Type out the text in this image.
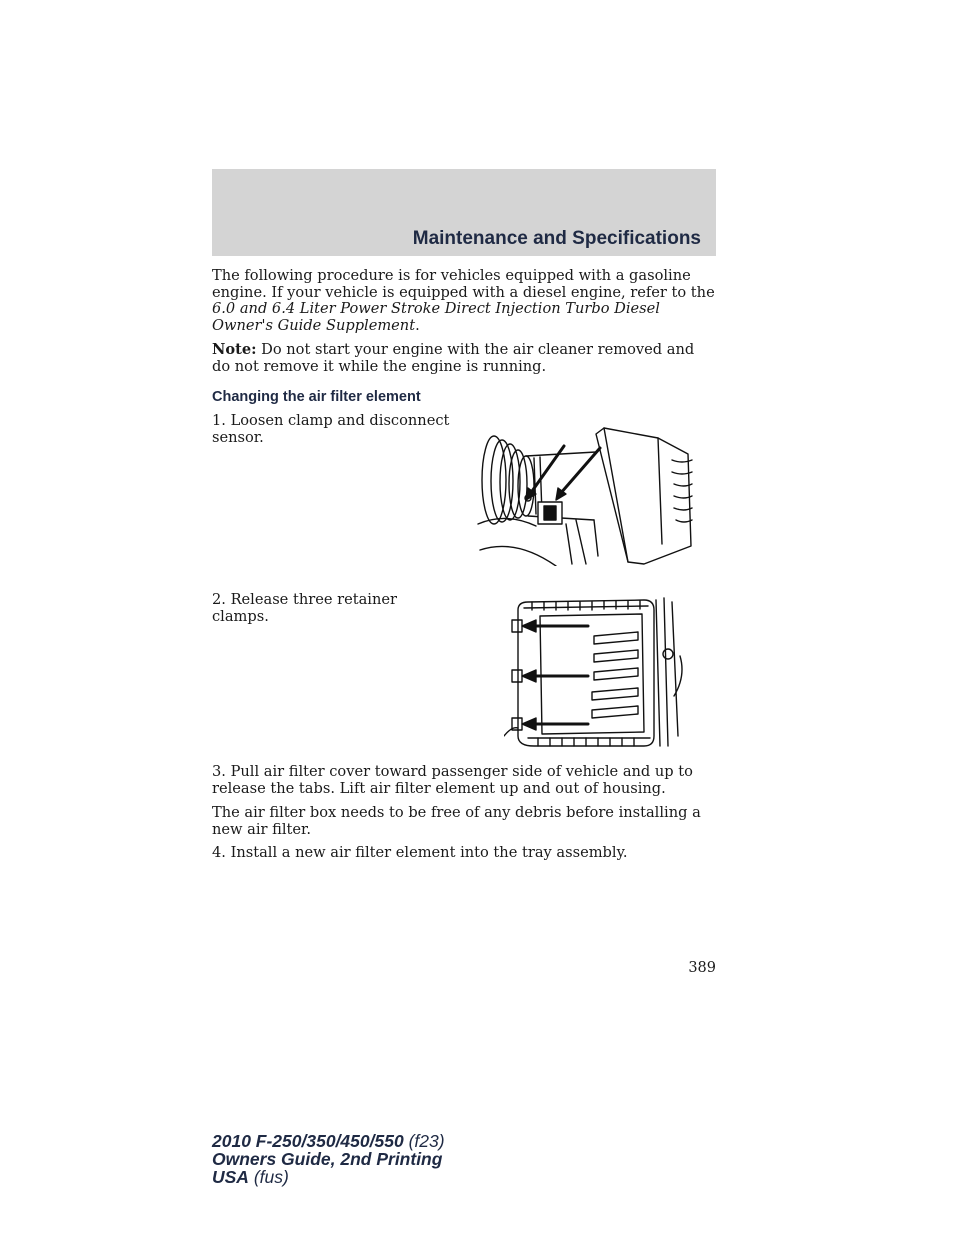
Maintenance and Specifications

The following procedure is for vehicles equipped with a gasoline engine. If your vehicle is equipped with a diesel engine, refer to the 6.0 and 6.4 Liter Power Stroke Direct Injection Turbo Diesel Owner's Guide Supplement.

Note: Do not start your engine with the air cleaner removed and do not remove it while the engine is running.

Changing the air filter element

1. Loosen clamp and disconnect sensor.

2. Release three retainer clamps.

3. Pull air filter cover toward passenger side of vehicle and up to release the tabs. Lift air filter element up and out of housing.

The air filter box needs to be free of any debris before installing a new air filter.

4. Install a new air filter element into the tray assembly.

389
2010 F-250/350/450/550 (f23)
Owners Guide, 2nd Printing
USA (fus)
